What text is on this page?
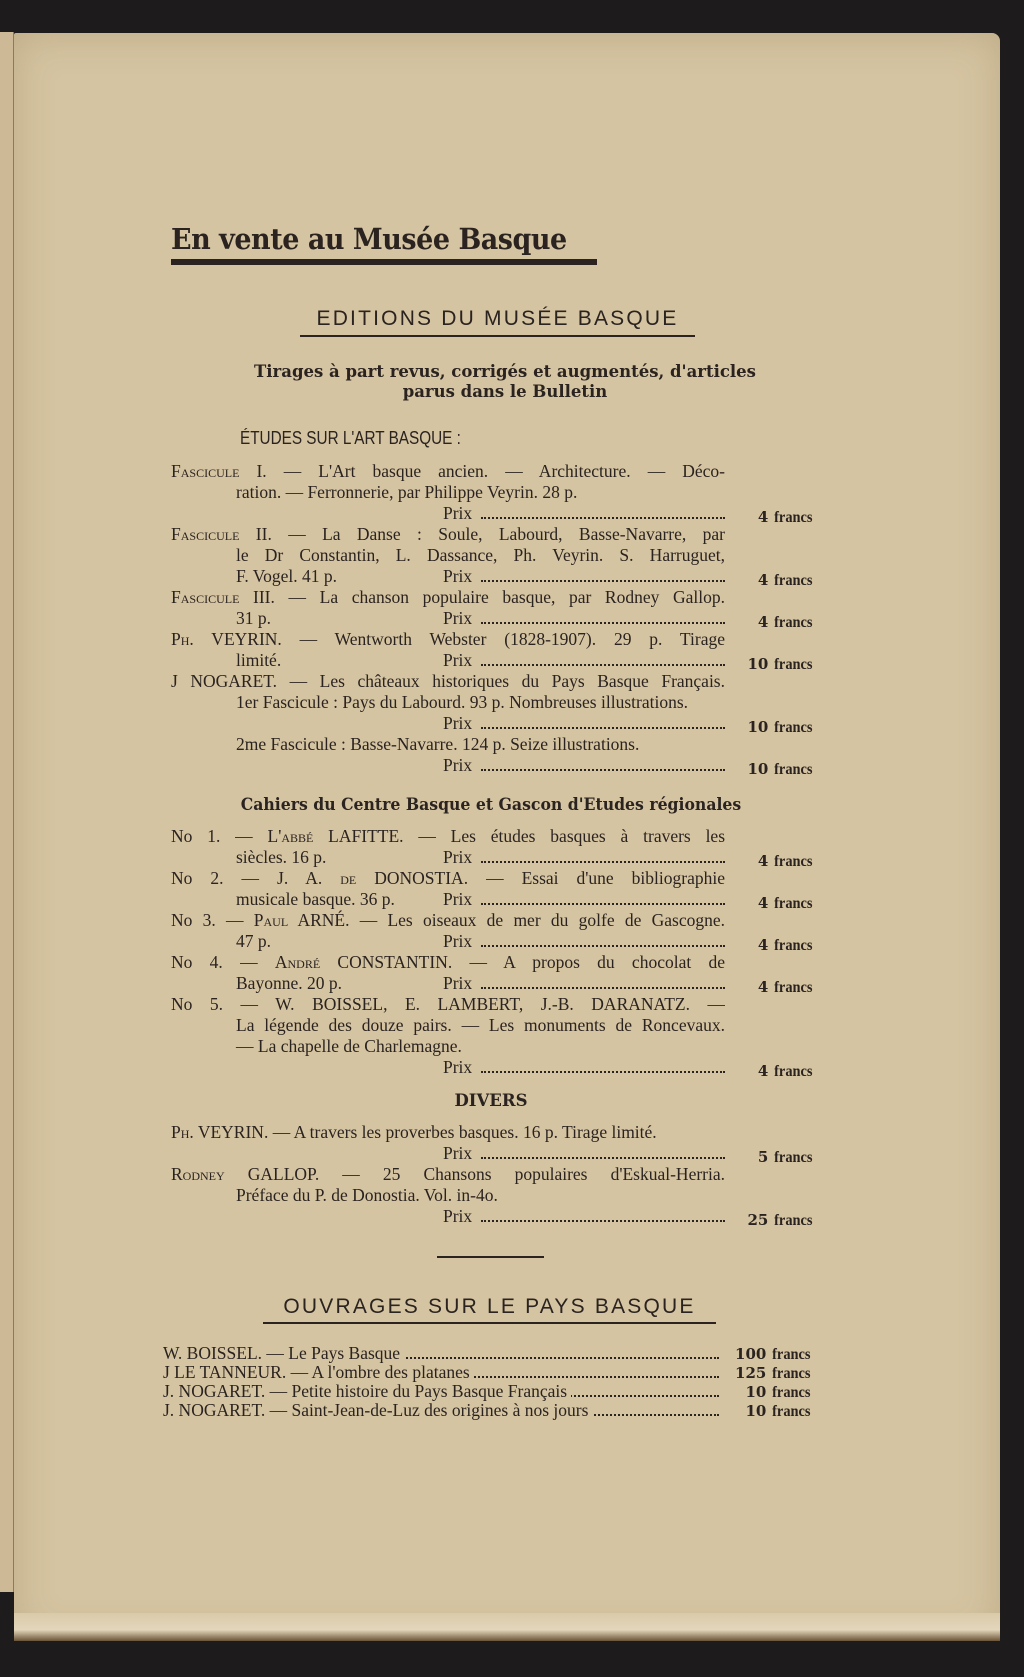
En vente au Musée Basque
EDITIONS DU MUSÉE BASQUE
Tirages à part revus, corrigés et augmentés, d'articles
parus dans le Bulletin
ÉTUDES SUR L'ART BASQUE :
Fascicule I. — L'Art basque ancien. — Architecture. — Déco-
ration. — Ferronnerie, par Philippe Veyrin. 28 p.
Prix	4 francs
Fascicule II. — La Danse : Soule, Labourd, Basse-Navarre, par
le Dr Constantin, L. Dassance, Ph. Veyrin. S. Harruguet,
F. Vogel. 41 p.	Prix	4 francs
Fascicule III. — La chanson populaire basque, par Rodney Gallop.
31 p.	Prix	4 francs
Ph. VEYRIN. — Wentworth Webster (1828-1907). 29 p. Tirage
limité.	Prix	10 francs
J NOGARET. — Les châteaux historiques du Pays Basque Français.
1er Fascicule : Pays du Labourd. 93 p. Nombreuses illustrations.
Prix	10 francs
2me Fascicule : Basse-Navarre. 124 p. Seize illustrations.
Prix	10 francs
Cahiers du Centre Basque et Gascon d'Etudes régionales
No 1. — L'abbé LAFITTE. — Les études basques à travers les
siècles. 16 p.	Prix	4 francs
No 2. — J. A. de DONOSTIA. — Essai d'une bibliographie
musicale basque. 36 p.	Prix	4 francs
No 3. — Paul ARNÉ. — Les oiseaux de mer du golfe de Gascogne.
47 p.	Prix	4 francs
No 4. — André CONSTANTIN. — A propos du chocolat de
Bayonne. 20 p.	Prix	4 francs
No 5. — W. BOISSEL, E. LAMBERT, J.-B. DARANATZ. —
La légende des douze pairs. — Les monuments de Roncevaux.
— La chapelle de Charlemagne.
Prix	4 francs
DIVERS
Ph. VEYRIN. — A travers les proverbes basques. 16 p. Tirage limité.
Prix	5 francs
Rodney GALLOP. — 25 Chansons populaires d'Eskual-Herria.
Préface du P. de Donostia. Vol. in-4o.
Prix	25 francs
OUVRAGES SUR LE PAYS BASQUE
W. BOISSEL. — Le Pays Basque	100 francs
J LE TANNEUR. — A l'ombre des platanes	125 francs
J. NOGARET. — Petite histoire du Pays Basque Français	10 francs
J. NOGARET. — Saint-Jean-de-Luz des origines à nos jours	10 francs
